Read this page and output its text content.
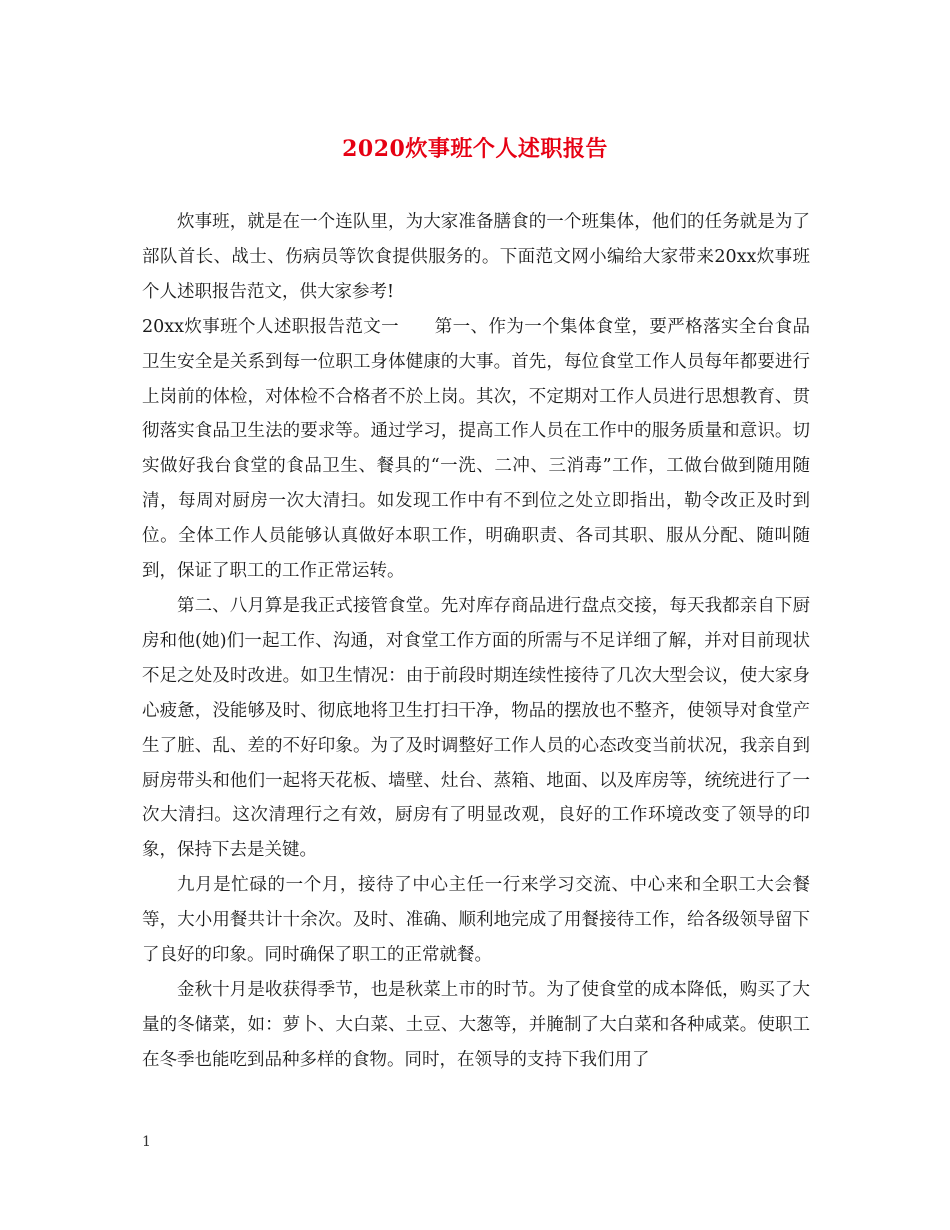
2020炊事班个人述职报告

炊事班，就是在一个连队里，为大家准备膳食的一个班集体，他们的任务就是为了部队首长、战士、伤病员等饮食提供服务的。下面范文网小编给大家带来20xx炊事班个人述职报告范文，供大家参考!

20xx炊事班个人述职报告范文一　　第一、作为一个集体食堂，要严格落实全台食品卫生安全是关系到每一位职工身体健康的大事。首先，每位食堂工作人员每年都要进行上岗前的体检，对体检不合格者不於上岗。其次，不定期对工作人员进行思想教育、贯彻落实食品卫生法的要求等。通过学习，提高工作人员在工作中的服务质量和意识。切实做好我台食堂的食品卫生、餐具的“一洗、二冲、三消毒”工作，工做台做到随用随清，每周对厨房一次大清扫。如发现工作中有不到位之处立即指出，勒令改正及时到位。全体工作人员能够认真做好本职工作，明确职责、各司其职、服从分配、随叫随到，保证了职工的工作正常运转。

第二、八月算是我正式接管食堂。先对库存商品进行盘点交接，每天我都亲自下厨房和他(她)们一起工作、沟通，对食堂工作方面的所需与不足详细了解，并对目前现状不足之处及时改进。如卫生情况：由于前段时期连续性接待了几次大型会议，使大家身心疲惫，没能够及时、彻底地将卫生打扫干净，物品的摆放也不整齐，使领导对食堂产生了脏、乱、差的不好印象。为了及时调整好工作人员的心态改变当前状况，我亲自到厨房带头和他们一起将天花板、墙壁、灶台、蒸箱、地面、以及库房等，统统进行了一次大清扫。这次清理行之有效，厨房有了明显改观，良好的工作环境改变了领导的印象，保持下去是关键。

九月是忙碌的一个月，接待了中心主任一行来学习交流、中心来和全职工大会餐等，大小用餐共计十余次。及时、准确、顺利地完成了用餐接待工作，给各级领导留下了良好的印象。同时确保了职工的正常就餐。

金秋十月是收获得季节，也是秋菜上市的时节。为了使食堂的成本降低，购买了大量的冬储菜，如：萝卜、大白菜、土豆、大葱等，并腌制了大白菜和各种咸菜。使职工在冬季也能吃到品种多样的食物。同时，在领导的支持下我们用了

1
